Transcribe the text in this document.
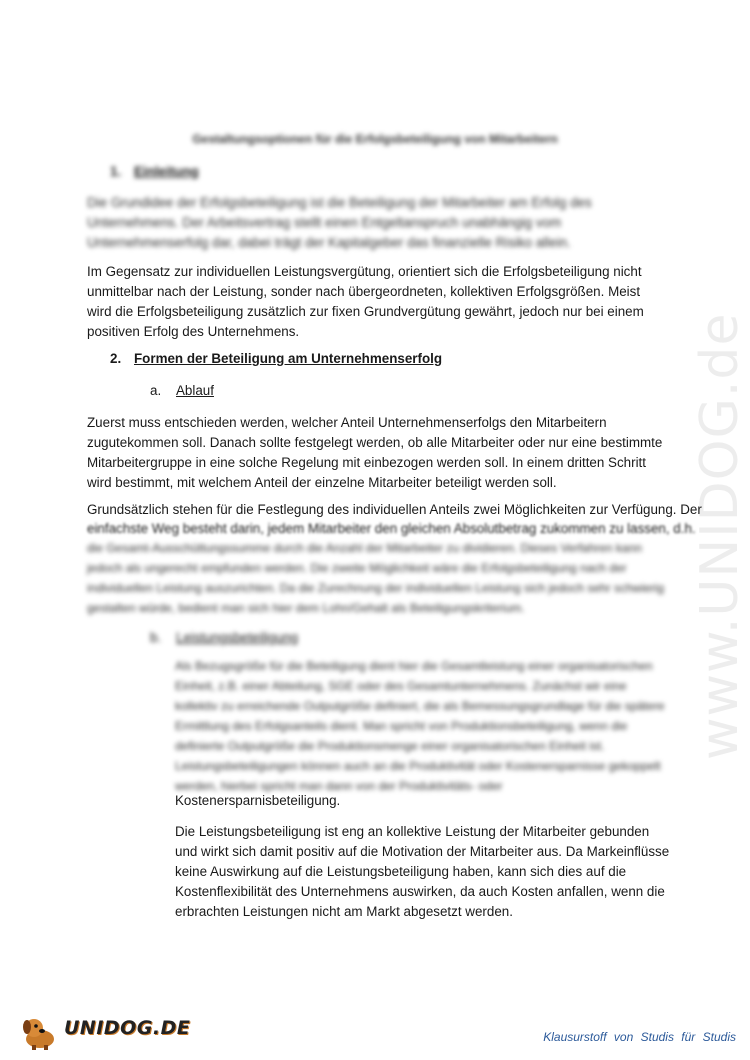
www.UNIDOG.de
Gestaltungsoptionen für die Erfolgsbeteiligung von Mitarbeitern
1. Einleitung

Die Grundidee der Erfolgsbeteiligung ist die Beteiligung der Mitarbeiter am Erfolg des Unternehmens. Der Arbeitsvertrag stellt einen Entgeltanspruch unabhängig vom Unternehmenserfolg dar, dabei trägt der Kapitalgeber das finanzielle Risiko allein.

Im Gegensatz zur individuellen Leistungsvergütung, orientiert sich die Erfolgsbeteiligung nicht unmittelbar nach der Leistung, sonder nach übergeordneten, kollektiven Erfolgsgrößen. Meist wird die Erfolgsbeteiligung zusätzlich zur fixen Grundvergütung gewährt, jedoch nur bei einem positiven Erfolg des Unternehmens.

2. Formen der Beteiligung am Unternehmenserfolg
a. Ablauf

Zuerst muss entschieden werden, welcher Anteil Unternehmenserfolgs den Mitarbeitern zugutekommen soll. Danach sollte festgelegt werden, ob alle Mitarbeiter oder nur eine bestimmte Mitarbeitergruppe in eine solche Regelung mit einbezogen werden soll. In einem dritten Schritt wird bestimmt, mit welchem Anteil der einzelne Mitarbeiter beteiligt werden soll.

Grundsätzlich stehen für die Festlegung des individuellen Anteils zwei Möglichkeiten zur Verfügung. Der

einfachste Weg besteht darin, jedem Mitarbeiter den gleichen Absolutbetrag zukommen zu lassen, d.h.

die Gesamt-Ausschüttungssumme durch die Anzahl der Mitarbeiter zu dividieren. Dieses Verfahren kann jedoch als ungerecht empfunden werden. Die zweite Möglichkeit wäre die Erfolgsbeteiligung nach der individuellen Leistung auszurichten. Da die Zurechnung der individuellen Leistung sich jedoch sehr schwierig gestalten würde, bedient man sich hier dem Lohn/Gehalt als Beteiligungskriterium.

b. Leistungsbeteiligung

Als Bezugsgröße für die Beteiligung dient hier die Gesamtleistung einer organisatorischen Einheit, z.B. einer Abteilung, SGE oder des Gesamtunternehmens. Zunächst wir eine kollektiv zu erreichende Outputgröße definiert, die als Bemessungsgrundlage für die spätere Ermittlung des Erfolgsanteils dient. Man spricht von Produktionsbeteiligung, wenn die definierte Outputgröße die Produktionsmenge einer organisatorischen Einheit ist. Leistungsbeteiligungen können auch an die Produktivität oder Kostenersparnisse gekoppelt werden, hierbei spricht man dann von der Produktivitäts- oder

Kostenersparnisbeteiligung.

Die Leistungsbeteiligung ist eng an kollektive Leistung der Mitarbeiter gebunden und wirkt sich damit positiv auf die Motivation der Mitarbeiter aus. Da Markeinflüsse keine Auswirkung auf die Leistungsbeteiligung haben, kann sich dies auf die Kostenflexibilität des Unternehmens auswirken, da auch Kosten anfallen, wenn die erbrachten Leistungen nicht am Markt abgesetzt werden.

UNIDOG.DE	Klausurstoff von Studis für Studis
